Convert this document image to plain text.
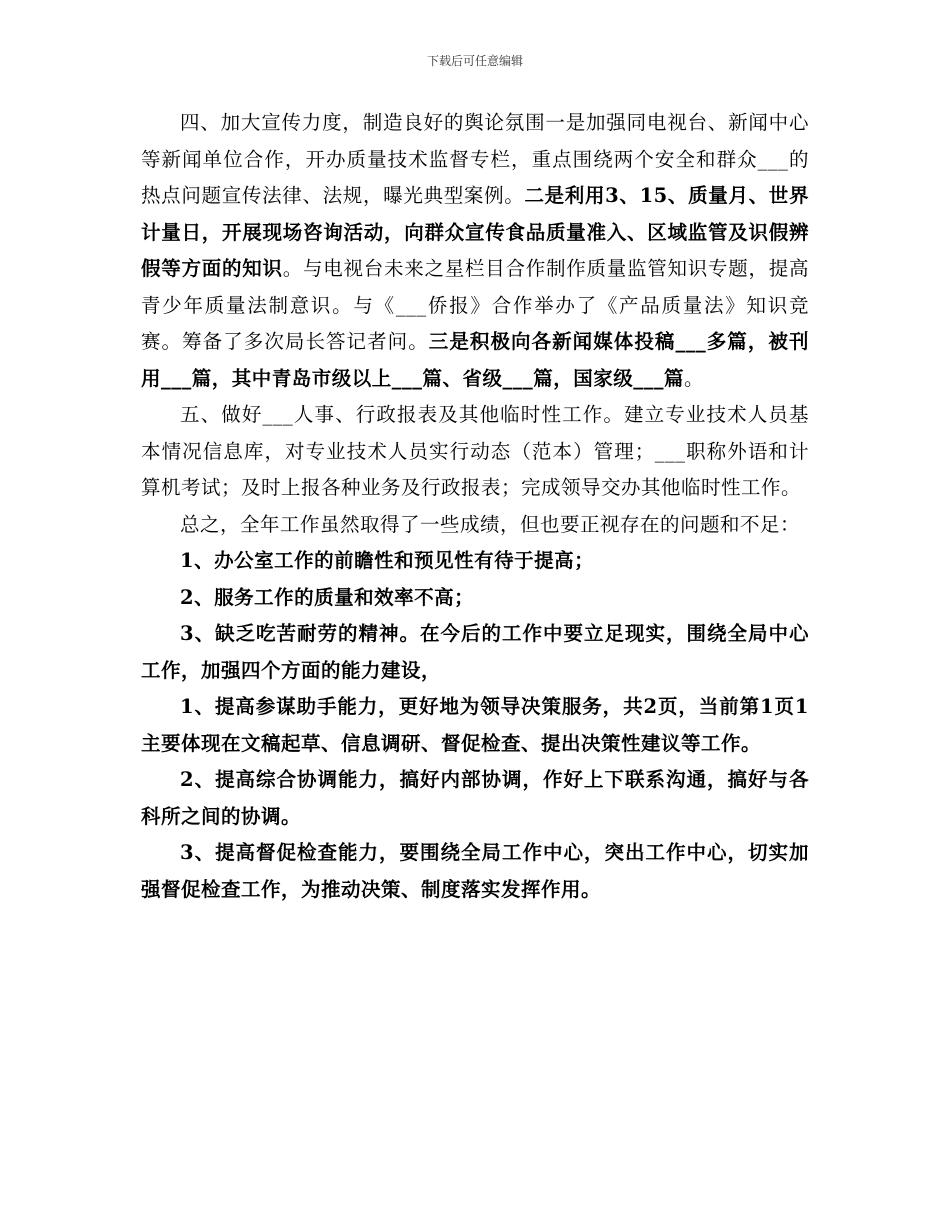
下载后可任意编辑

四、加大宣传力度，制造良好的舆论氛围一是加强同电视台、新闻中心等新闻单位合作，开办质量技术监督专栏，重点围绕两个安全和群众___的热点问题宣传法律、法规，曝光典型案例。二是利用3、15、质量月、世界计量日，开展现场咨询活动，向群众宣传食品质量准入、区域监管及识假辨假等方面的知识。与电视台未来之星栏目合作制作质量监管知识专题，提高青少年质量法制意识。与《___侨报》合作举办了《产品质量法》知识竞赛。筹备了多次局长答记者问。三是积极向各新闻媒体投稿___多篇，被刊用___篇，其中青岛市级以上___篇、省级___篇，国家级___篇。

五、做好___人事、行政报表及其他临时性工作。建立专业技术人员基本情况信息库，对专业技术人员实行动态（范本）管理；___职称外语和计算机考试；及时上报各种业务及行政报表；完成领导交办其他临时性工作。

总之，全年工作虽然取得了一些成绩，但也要正视存在的问题和不足：

1、办公室工作的前瞻性和预见性有待于提高；

2、服务工作的质量和效率不高；

3、缺乏吃苦耐劳的精神。在今后的工作中要立足现实，围绕全局中心工作，加强四个方面的能力建设，

1、提高参谋助手能力，更好地为领导决策服务，共2页，当前第1页1主要体现在文稿起草、信息调研、督促检查、提出决策性建议等工作。

2、提高综合协调能力，搞好内部协调，作好上下联系沟通，搞好与各科所之间的协调。

3、提高督促检查能力，要围绕全局工作中心，突出工作中心，切实加强督促检查工作，为推动决策、制度落实发挥作用。
